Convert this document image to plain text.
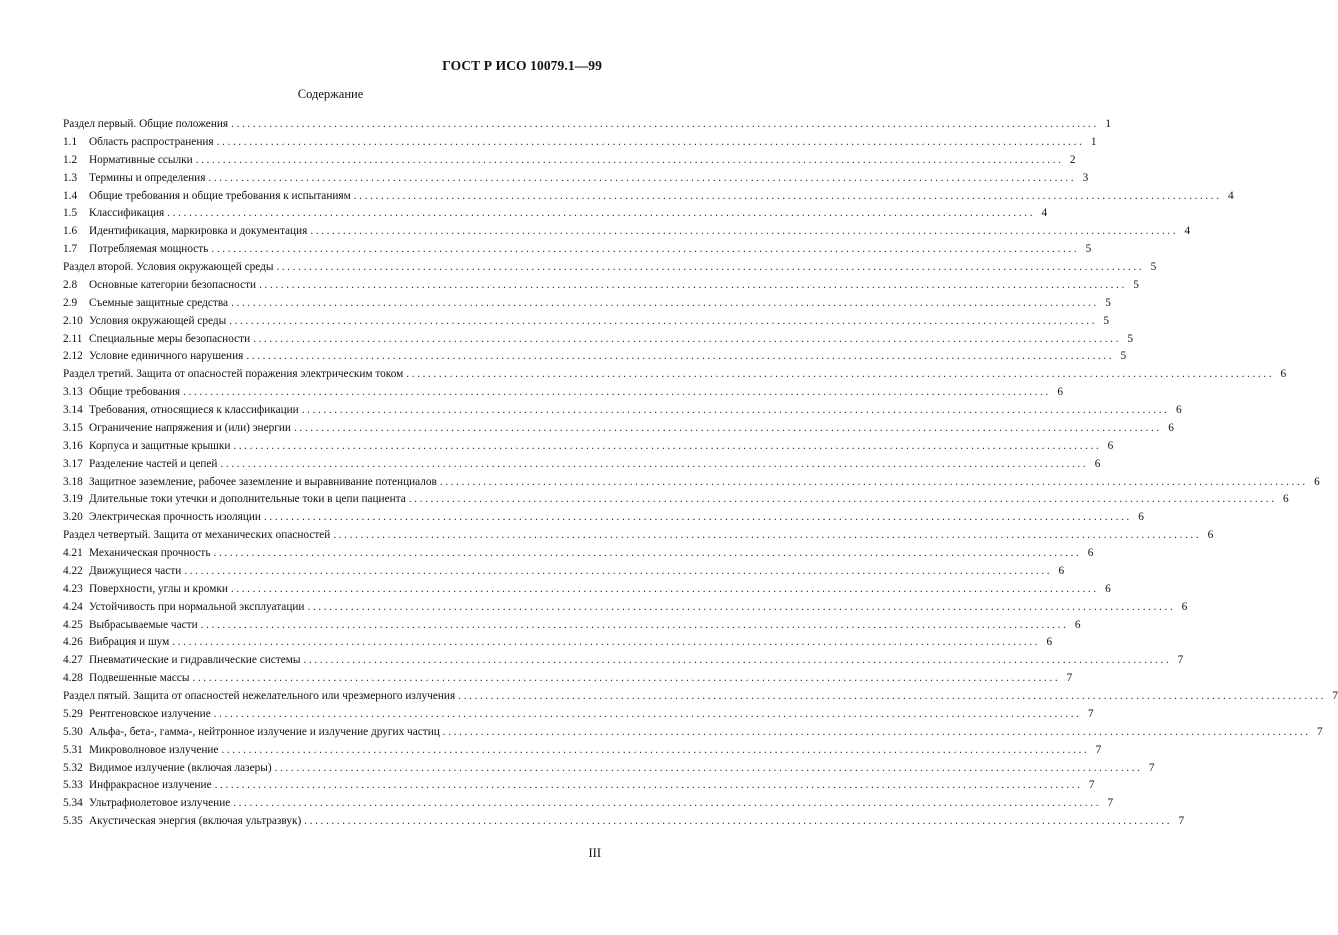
ГОСТ Р ИСО 10079.1—99
Содержание
Раздел первый. Общие положения ................................................................................................................................................................ 1
1.1	Область распространения ................................................................................................................................................................ 1
1.2	Нормативные ссылки ................................................................................................................................................................ 2
1.3	Термины и определения ................................................................................................................................................................ 3
1.4	Общие требования и общие требования к испытаниям ................................................................................................................................................................ 4
1.5	Классификация ................................................................................................................................................................ 4
1.6	Идентификация, маркировка и документация ................................................................................................................................................................ 4
1.7	Потребляемая мощность ................................................................................................................................................................ 5
Раздел второй. Условия окружающей среды ................................................................................................................................................................ 5
2.8	Основные категории безопасности ................................................................................................................................................................ 5
2.9	Съемные защитные средства ................................................................................................................................................................ 5
2.10 Условия окружающей среды ................................................................................................................................................................ 5
2.11 Специальные меры безопасности ................................................................................................................................................................ 5
2.12 Условие единичного нарушения ................................................................................................................................................................ 5
Раздел третий. Защита от опасностей поражения электрическим током ................................................................................................................................................................ 6
3.13 Общие требования ................................................................................................................................................................ 6
3.14 Требования, относящиеся к классификации ................................................................................................................................................................ 6
3.15 Ограничение напряжения и (или) энергии ................................................................................................................................................................ 6
3.16 Корпуса и защитные крышки ................................................................................................................................................................ 6
3.17 Разделение частей и цепей ................................................................................................................................................................ 6
3.18 Защитное заземление, рабочее заземление и выравнивание потенциалов ................................................................................................................................................................ 6
3.19 Длительные токи утечки и дополнительные токи в цепи пациента ................................................................................................................................................................ 6
3.20 Электрическая прочность изоляции ................................................................................................................................................................ 6
Раздел четвертый. Защита от механических опасностей ................................................................................................................................................................ 6
4.21 Механическая прочность ................................................................................................................................................................ 6
4.22 Движущиеся части ................................................................................................................................................................ 6
4.23 Поверхности, углы и кромки ................................................................................................................................................................ 6
4.24 Устойчивость при нормальной эксплуатации ................................................................................................................................................................ 6
4.25 Выбрасываемые части ................................................................................................................................................................ 6
4.26 Вибрация и шум ................................................................................................................................................................ 6
4.27 Пневматические и гидравлические системы ................................................................................................................................................................ 7
4.28 Подвешенные массы ................................................................................................................................................................ 7
Раздел пятый. Защита от опасностей нежелательного или чрезмерного излучения ................................................................................................................................................................ 7
5.29 Рентгеновское излучение ................................................................................................................................................................ 7
5.30 Альфа-, бета-, гамма-, нейтронное излучение и излучение других частиц ................................................................................................................................................................ 7
5.31 Микроволновое излучение ................................................................................................................................................................ 7
5.32 Видимое излучение (включая лазеры) ................................................................................................................................................................ 7
5.33 Инфракрасное излучение ................................................................................................................................................................ 7
5.34 Ультрафиолетовое излучение ................................................................................................................................................................ 7
5.35 Акустическая энергия (включая ультразвук) ................................................................................................................................................................ 7
III
